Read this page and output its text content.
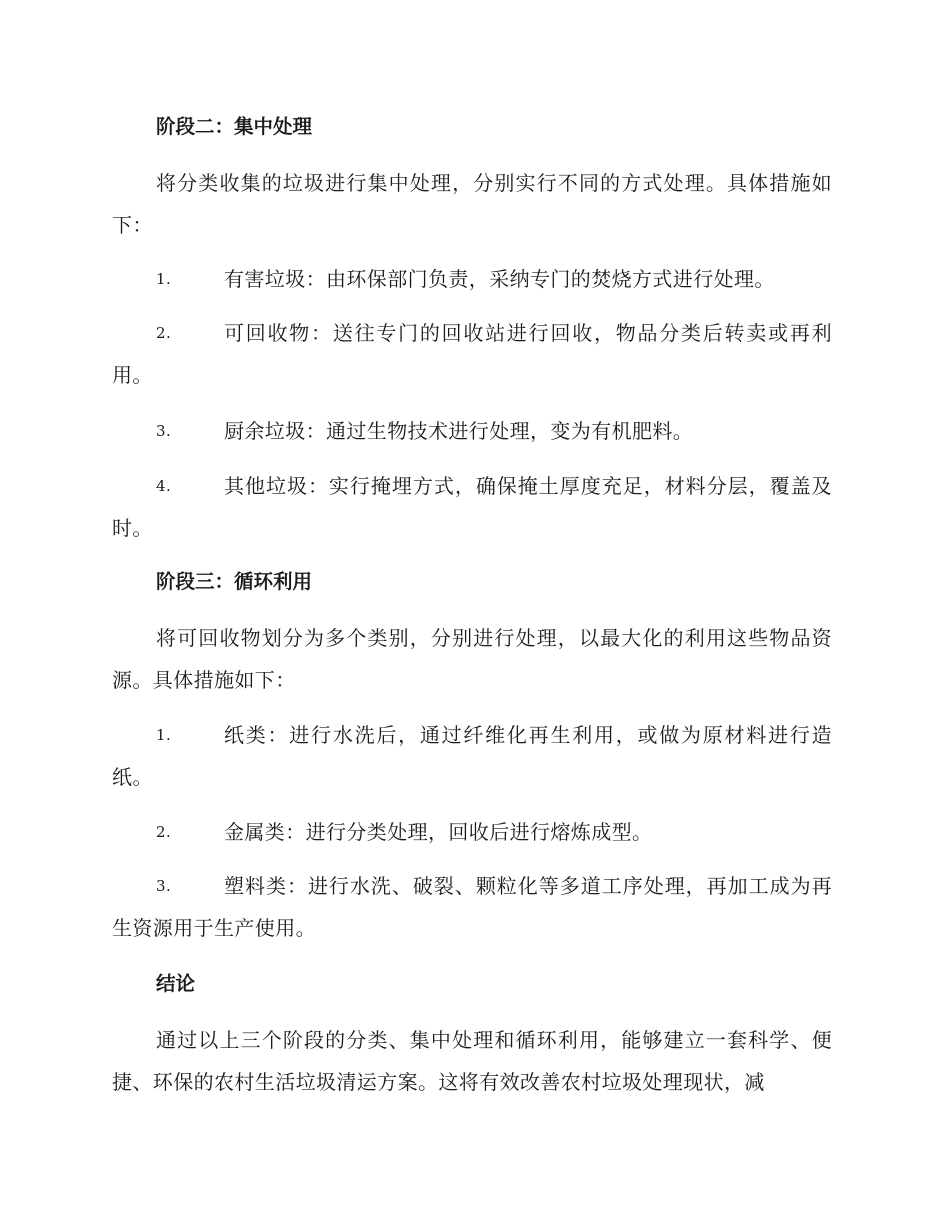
阶段二：集中处理

将分类收集的垃圾进行集中处理，分别实行不同的方式处理。具体措施如下：

1.	有害垃圾：由环保部门负责，采纳专门的焚烧方式进行处理。

2.	可回收物：送往专门的回收站进行回收，物品分类后转卖或再利用。

3.	厨余垃圾：通过生物技术进行处理，变为有机肥料。

4.	其他垃圾：实行掩埋方式，确保掩土厚度充足，材料分层，覆盖及时。

阶段三：循环利用

将可回收物划分为多个类别，分别进行处理，以最大化的利用这些物品资源。具体措施如下：

1.	纸类：进行水洗后，通过纤维化再生利用，或做为原材料进行造纸。

2.	金属类：进行分类处理，回收后进行熔炼成型。

3.	塑料类：进行水洗、破裂、颗粒化等多道工序处理，再加工成为再生资源用于生产使用。

结论

通过以上三个阶段的分类、集中处理和循环利用，能够建立一套科学、便捷、环保的农村生活垃圾清运方案。这将有效改善农村垃圾处理现状，减
